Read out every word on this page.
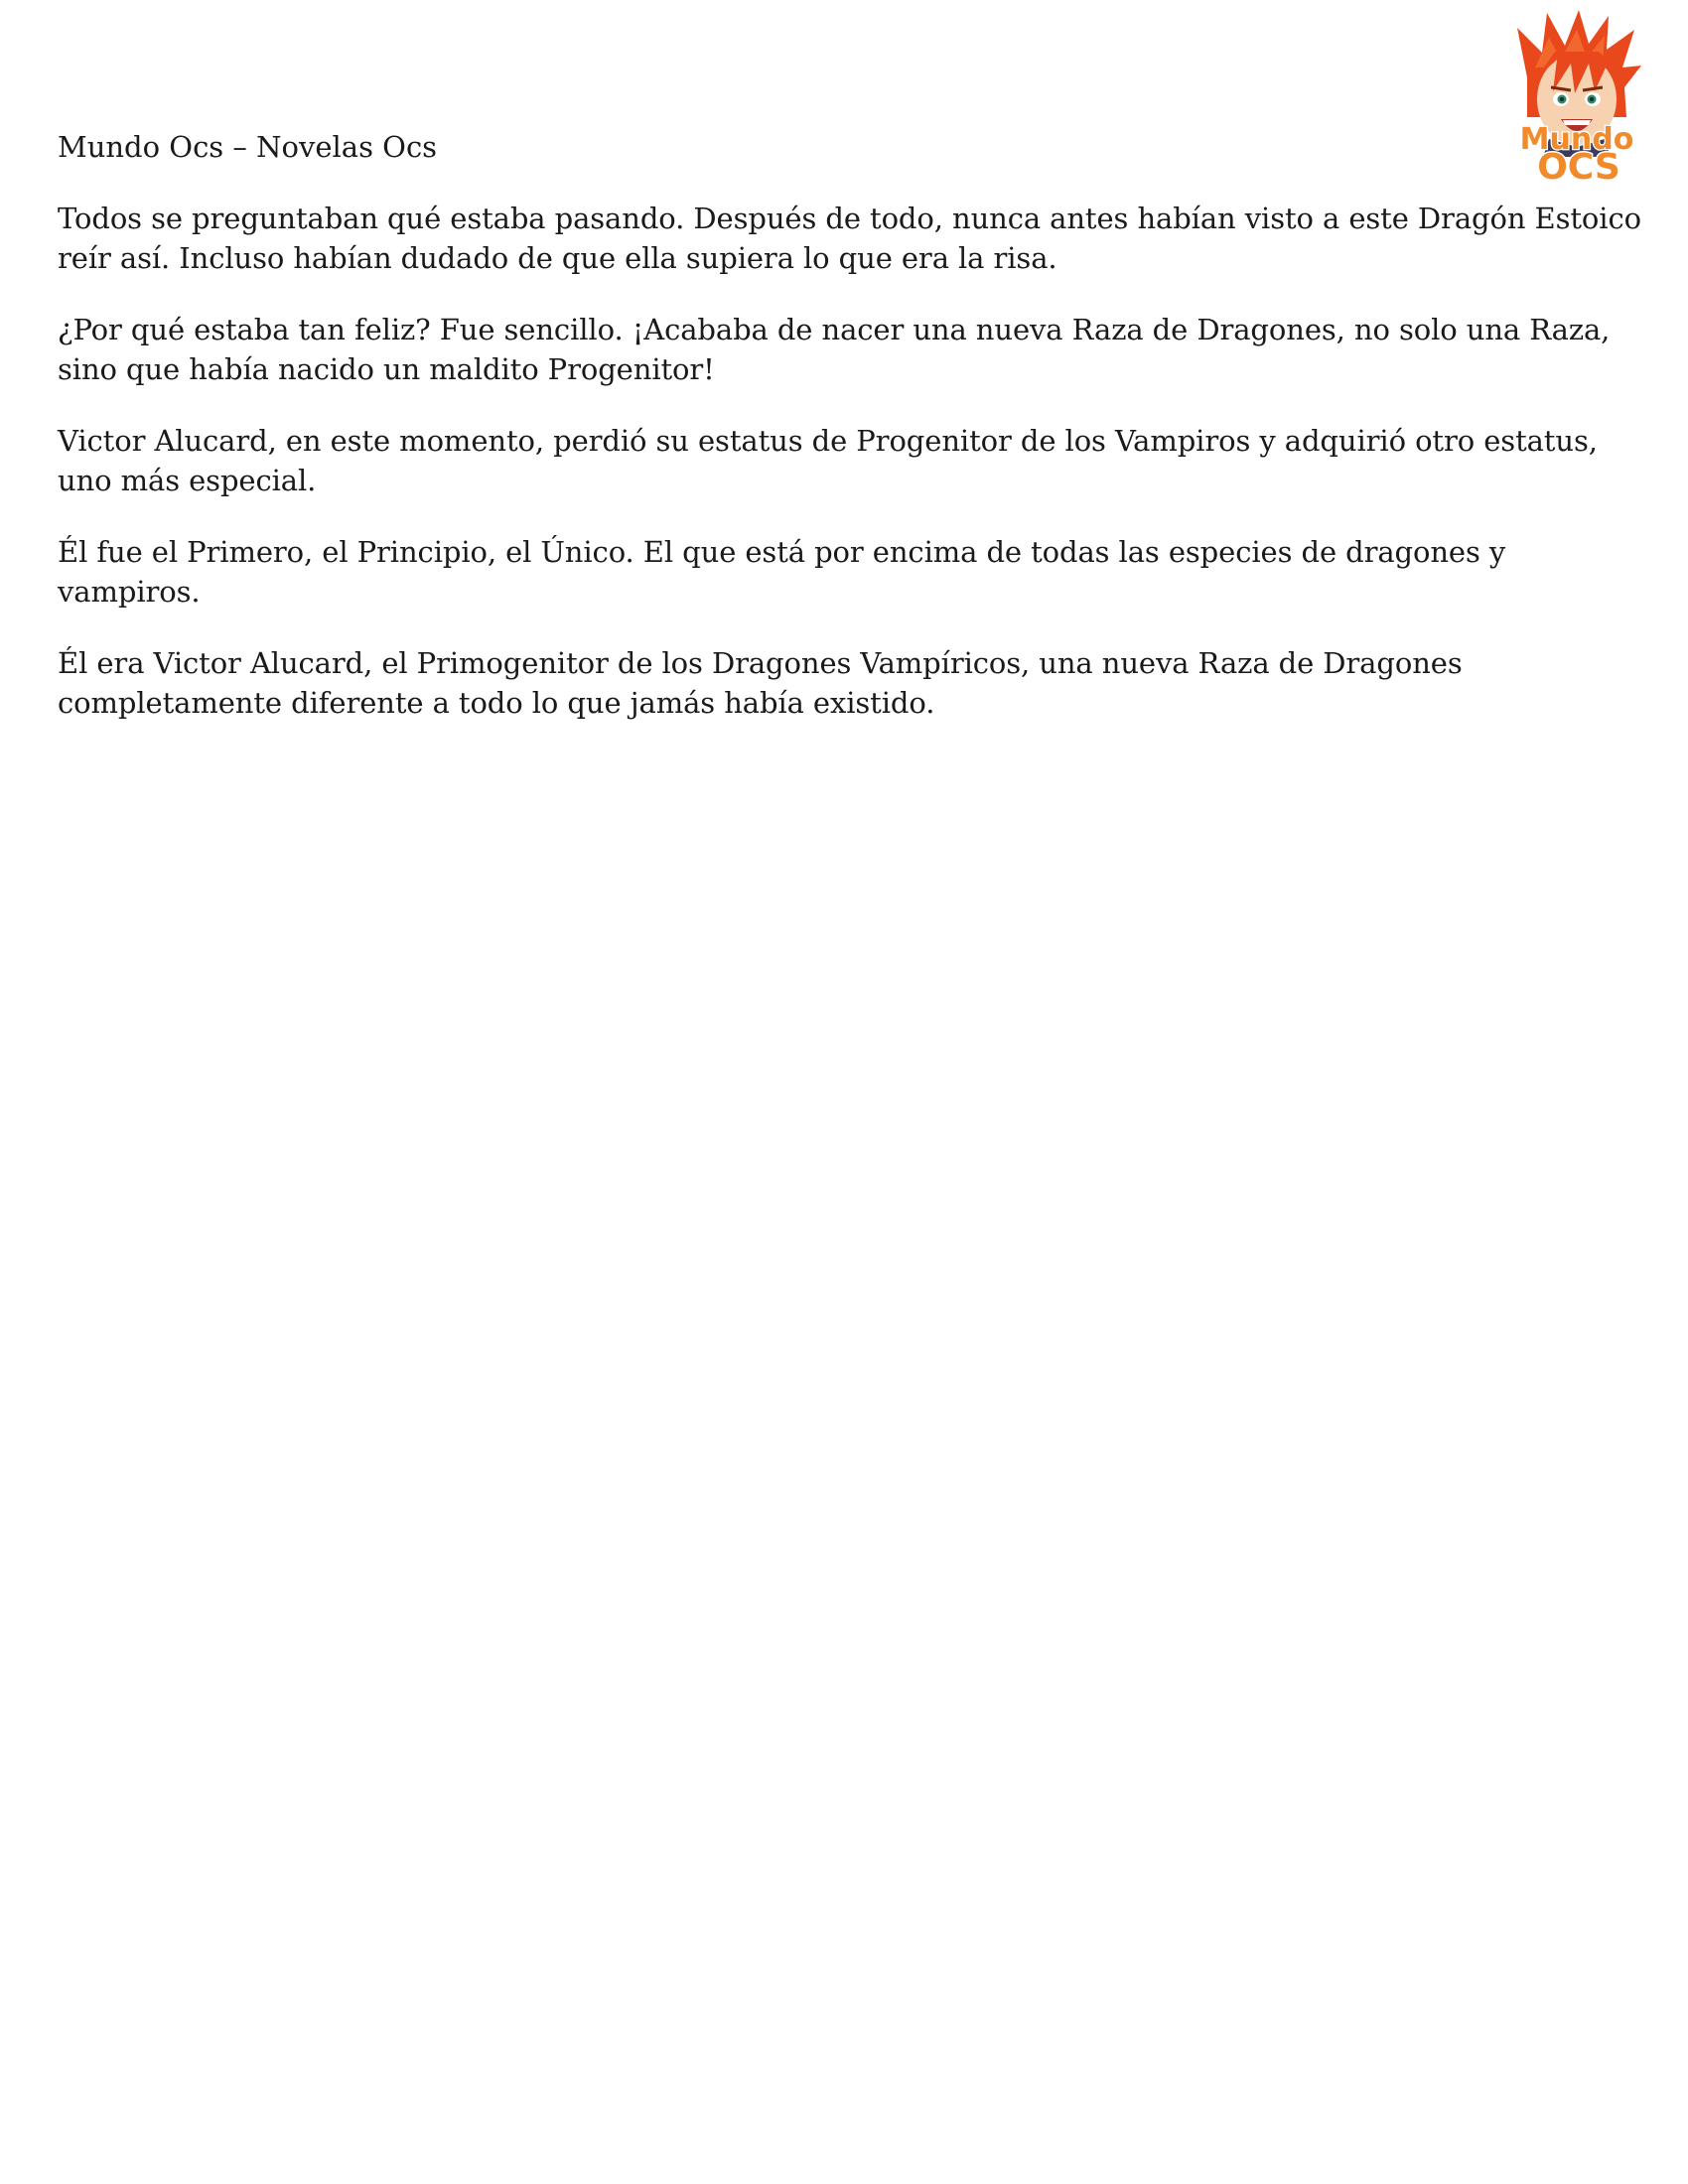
Mundo
OCS

Mundo Ocs – Novelas Ocs

Todos se preguntaban qué estaba pasando. Después de todo, nunca antes habían visto a este Dragón Estoico reír así. Incluso habían dudado de que ella supiera lo que era la risa.

¿Por qué estaba tan feliz? Fue sencillo. ¡Acababa de nacer una nueva Raza de Dragones, no solo una Raza, sino que había nacido un maldito Progenitor!

Victor Alucard, en este momento, perdió su estatus de Progenitor de los Vampiros y adquirió otro estatus, uno más especial.

Él fue el Primero, el Principio, el Único. El que está por encima de todas las especies de dragones y vampiros.

Él era Victor Alucard, el Primogenitor de los Dragones Vampíricos, una nueva Raza de Dragones completamente diferente a todo lo que jamás había existido.
